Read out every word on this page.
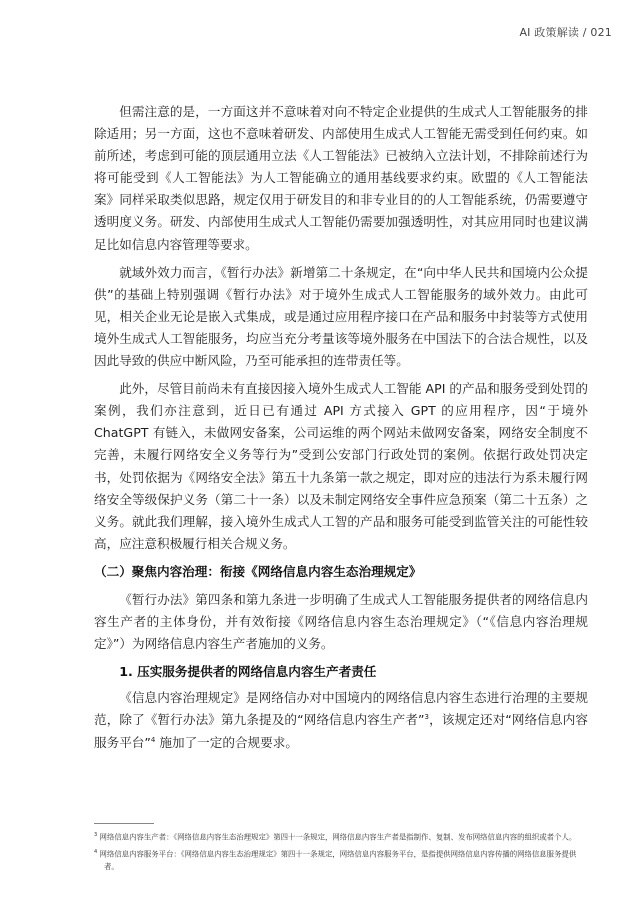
AI 政策解读 / 021

但需注意的是，一方面这并不意味着对向不特定企业提供的生成式人工智能服务的排除适用；另一方面，这也不意味着研发、内部使用生成式人工智能无需受到任何约束。如前所述，考虑到可能的顶层通用立法《人工智能法》已被纳入立法计划，不排除前述行为将可能受到《人工智能法》为人工智能确立的通用基线要求约束。欧盟的《人工智能法案》同样采取类似思路，规定仅用于研发目的和非专业目的的人工智能系统，仍需要遵守透明度义务。研发、内部使用生成式人工智能仍需要加强透明性，对其应用同时也建议满足比如信息内容管理等要求。

就域外效力而言，《暂行办法》新增第二十条规定，在“向中华人民共和国境内公众提供”的基础上特别强调《暂行办法》对于境外生成式人工智能服务的域外效力。由此可见，相关企业无论是嵌入式集成，或是通过应用程序接口在产品和服务中封装等方式使用境外生成式人工智能服务，均应当充分考量该等境外服务在中国法下的合法合规性，以及因此导致的供应中断风险，乃至可能承担的连带责任等。

此外，尽管目前尚未有直接因接入境外生成式人工智能 API 的产品和服务受到处罚的案例，我们亦注意到，近日已有通过 API 方式接入 GPT 的应用程序，因“于境外 ChatGPT 有链入，未做网安备案，公司运维的两个网站未做网安备案，网络安全制度不完善，未履行网络安全义务等行为”受到公安部门行政处罚的案例。依据行政处罚决定书，处罚依据为《网络安全法》第五十九条第一款之规定，即对应的违法行为系未履行网络安全等级保护义务（第二十一条）以及未制定网络安全事件应急预案（第二十五条）之义务。就此我们理解，接入境外生成式人工智的产品和服务可能受到监管关注的可能性较高，应注意积极履行相关合规义务。

（二）聚焦内容治理：衔接《网络信息内容生态治理规定》

《暂行办法》第四条和第九条进一步明确了生成式人工智能服务提供者的网络信息内容生产者的主体身份，并有效衔接《网络信息内容生态治理规定》（“《信息内容治理规定》”）为网络信息内容生产者施加的义务。

1. 压实服务提供者的网络信息内容生产者责任

《信息内容治理规定》是网络信办对中国境内的网络信息内容生态进行治理的主要规范，除了《暂行办法》第九条提及的“网络信息内容生产者”$^3$，该规定还对“网络信息内容服务平台”$^4$ 施加了一定的合规要求。

$^3$ 网络信息内容生产者：《网络信息内容生态治理规定》第四十一条规定，网络信息内容生产者是指制作、复制、发布网络信息内容的组织或者个人。

$^4$ 网络信息内容服务平台：《网络信息内容生态治理规定》第四十一条规定，网络信息内容服务平台，是指提供网络信息内容传播的网络信息服务提供者。
